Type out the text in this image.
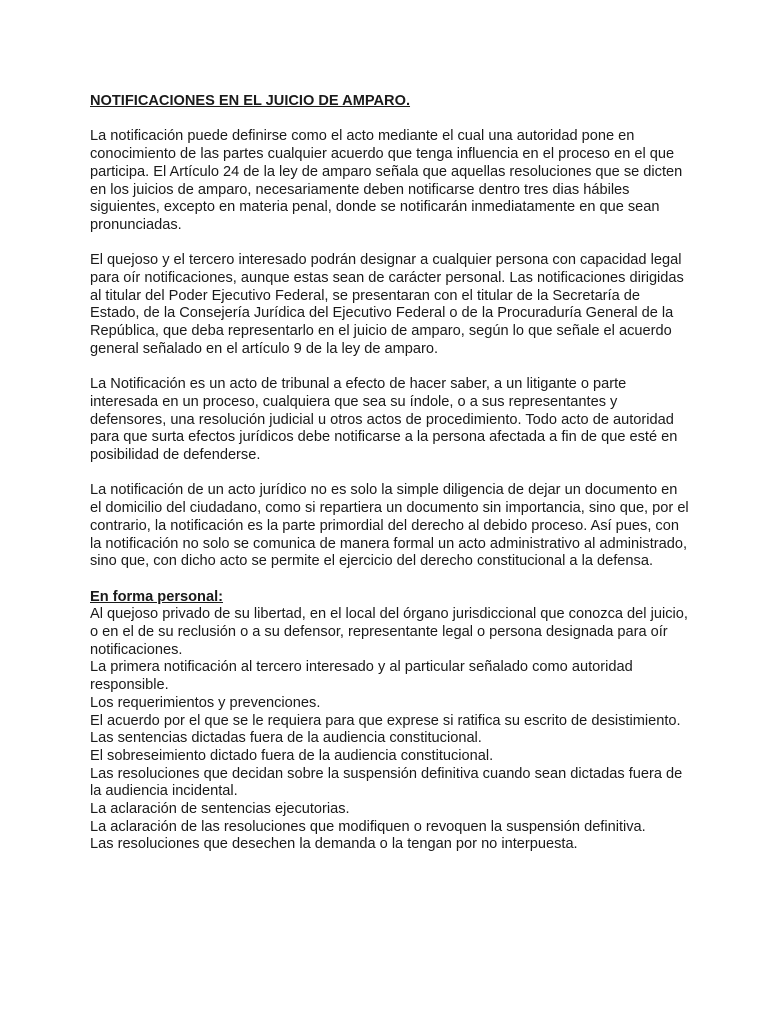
NOTIFICACIONES EN EL JUICIO DE AMPARO.
La notificación puede definirse como el acto mediante el cual una autoridad pone en conocimiento de las partes cualquier acuerdo que tenga influencia en el proceso en el que participa. El Artículo 24 de la ley de amparo señala que aquellas resoluciones que se dicten en los juicios de amparo, necesariamente deben notificarse dentro tres dias hábiles siguientes, excepto en materia penal, donde se notificarán inmediatamente en que sean pronunciadas.
El quejoso y el tercero interesado podrán designar a cualquier persona con capacidad legal para oír notificaciones, aunque estas sean de carácter personal. Las notificaciones dirigidas al titular del Poder Ejecutivo Federal, se presentaran con el titular de la Secretaría de Estado, de la Consejería Jurídica del Ejecutivo Federal o de la Procuraduría General de la República, que deba representarlo en el juicio de amparo, según lo que señale el acuerdo general señalado en el artículo 9 de la ley de amparo.
La Notificación es un acto de tribunal a efecto de hacer saber, a un litigante o parte interesada en un proceso, cualquiera que sea su índole, o a sus representantes y defensores, una resolución judicial u otros actos de procedimiento. Todo acto de autoridad para que surta efectos jurídicos debe notificarse a la persona afectada a fin de que esté en posibilidad de defenderse.
La notificación de un acto jurídico no es solo la simple diligencia de dejar un documento en el domicilio del ciudadano, como si repartiera un documento sin importancia, sino que, por el contrario, la notificación es la parte primordial del derecho al debido proceso. Así pues, con la notificación no solo se comunica de manera formal un acto administrativo al administrado, sino que, con dicho acto se permite el ejercicio del derecho constitucional a la defensa.
En forma personal:
Al quejoso privado de su libertad, en el local del órgano jurisdiccional que conozca del juicio, o en el de su reclusión o a su defensor, representante legal o persona designada para oír notificaciones.
La primera notificación al tercero interesado y al particular señalado como autoridad responsible.
Los requerimientos y prevenciones.
El acuerdo por el que se le requiera para que exprese si ratifica su escrito de desistimiento.
Las sentencias dictadas fuera de la audiencia constitucional.
El sobreseimiento dictado fuera de la audiencia constitucional.
Las resoluciones que decidan sobre la suspensión definitiva cuando sean dictadas fuera de la audiencia incidental.
La aclaración de sentencias ejecutorias.
La aclaración de las resoluciones que modifiquen o revoquen la suspensión definitiva.
Las resoluciones que desechen la demanda o la tengan por no interpuesta.
